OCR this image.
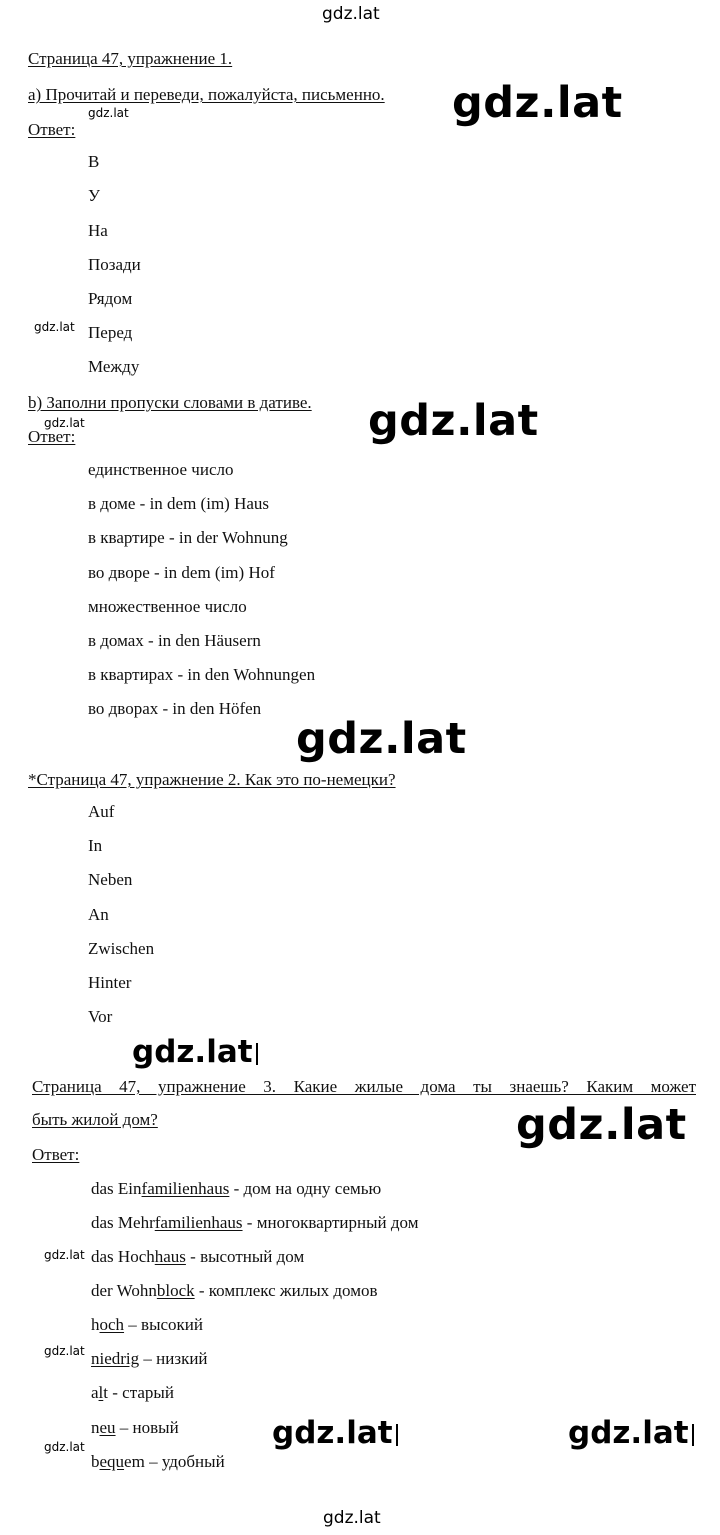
gdz.lat
gdz.lat
gdz.lat
gdz.lat
gdz.lat
gdz.lat
gdz.lat
gdz.lat
gdz.lat
gdz.lat
gdz.lat
gdz.lat	gdz.lat
gdz.lat
gdz.lat
Страница 47, упражнение 1.
a) Прочитай и переведи, пожалуйста, письменно.
Ответ:
В
У
На
Позади
Рядом
Перед
Между
b) Заполни пропуски словами в дативе.
Ответ:
единственное число
в доме - in dem (im) Haus
в квартире - in der Wohnung
во дворе - in dem (im) Hof
множественное число
в домах - in den Häusern
в квартирах - in den Wohnungen
во дворах - in den Höfen
*Страница 47, упражнение 2. Как это по-немецки?
Auf
In
Neben
An
Zwischen
Hinter
Vor
Страница 47, упражнение 3. Какие жилые дома ты знаешь? Каким может
быть жилой дом?
Ответ:
das Einfamilienhaus - дом на одну семью
das Mehrfamilienhaus - многоквартирный дом
das Hochhaus - высотный дом
der Wohnblock - комплекс жилых домов
hoch – высокий
niedrig – низкий
alt - старый
neu – новый
bequem – удобный
